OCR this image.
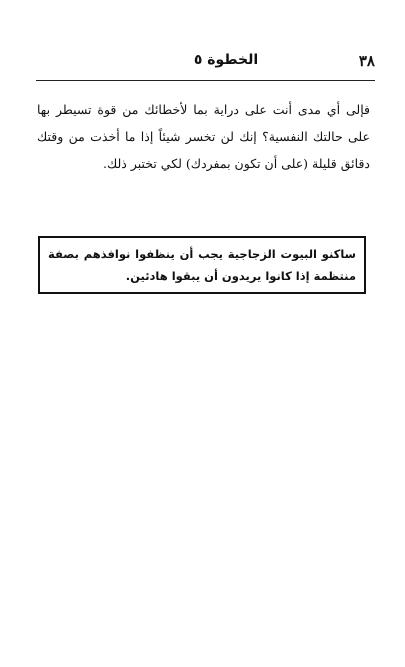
٣٨
الخطوة ٥

فإلى أي مدى أنت على دراية بما لأخطائك من قوة تسيطر بها على حالتك النفسية؟ إنك لن تخسر شيئاً إذا ما أخذت من وقتك دقائق قليلة (على أن تكون بمفردك) لكي تختبر ذلك.

ساكنو البيوت الزجاجية يجب أن ينظفوا نوافذهم بصفة منتظمة إذا كانوا يريدون أن يبقوا هادئين.
